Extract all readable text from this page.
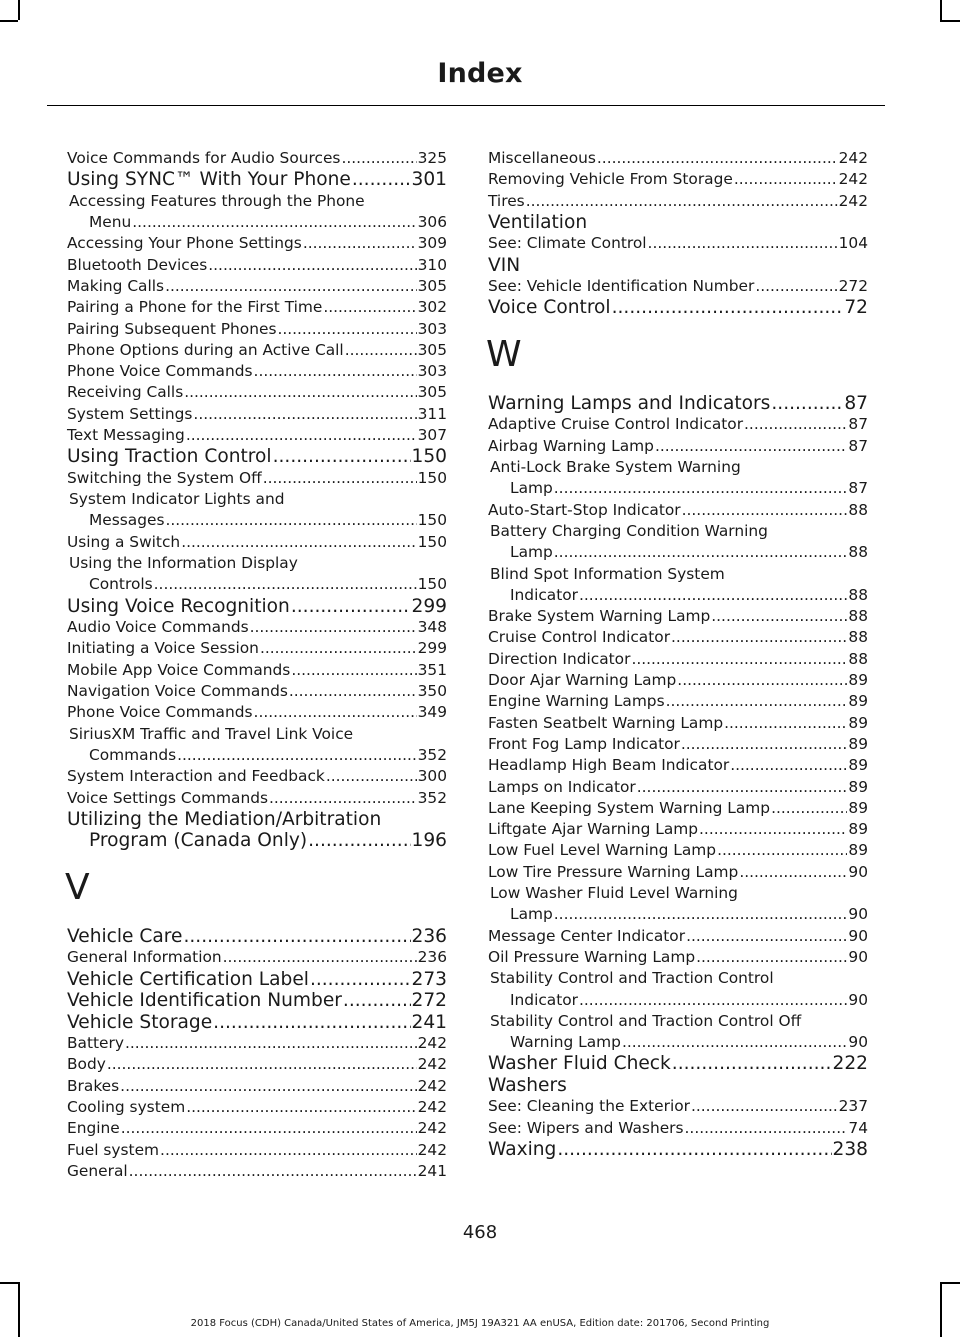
Index
Voice Commands for Audio Sources .....	325
Using SYNC™ With Your Phone .....	301
Accessing Features through the Phone
Menu .....	306
Accessing Your Phone Settings .....	309
Bluetooth Devices .....	310
Making Calls .....	305
Pairing a Phone for the First Time .....	302
Pairing Subsequent Phones .....	303
Phone Options during an Active Call .....	305
Phone Voice Commands .....	303
Receiving Calls .....	305
System Settings .....	311
Text Messaging .....	307
Using Traction Control .....	150
Switching the System Off .....	150
System Indicator Lights and
Messages .....	150
Using a Switch .....	150
Using the Information Display
Controls .....	150
Using Voice Recognition .....	299
Audio Voice Commands .....	348
Initiating a Voice Session .....	299
Mobile App Voice Commands .....	351
Navigation Voice Commands .....	350
Phone Voice Commands .....	349
SiriusXM Traffic and Travel Link Voice
Commands .....	352
System Interaction and Feedback .....	300
Voice Settings Commands .....	352
Utilizing the Mediation/Arbitration
Program (Canada Only) .....	196
V
Vehicle Care .....	236
General Information .....	236
Vehicle Certification Label .....	273
Vehicle Identification Number .....	272
Vehicle Storage .....	241
Battery .....	242
Body .....	242
Brakes .....	242
Cooling system .....	242
Engine .....	242
Fuel system .....	242
General .....	241
Miscellaneous .....	242
Removing Vehicle From Storage .....	242
Tires .....	242
Ventilation
See: Climate Control .....	104
VIN
See: Vehicle Identification Number .....	272
Voice Control .....	72
W
Warning Lamps and Indicators .....	87
Adaptive Cruise Control Indicator .....	87
Airbag Warning Lamp .....	87
Anti-Lock Brake System Warning
Lamp .....	87
Auto-Start-Stop Indicator .....	88
Battery Charging Condition Warning
Lamp .....	88
Blind Spot Information System
Indicator .....	88
Brake System Warning Lamp .....	88
Cruise Control Indicator .....	88
Direction Indicator .....	88
Door Ajar Warning Lamp .....	89
Engine Warning Lamps .....	89
Fasten Seatbelt Warning Lamp .....	89
Front Fog Lamp Indicator .....	89
Headlamp High Beam Indicator .....	89
Lamps on Indicator .....	89
Lane Keeping System Warning Lamp .....	89
Liftgate Ajar Warning Lamp .....	89
Low Fuel Level Warning Lamp .....	89
Low Tire Pressure Warning Lamp .....	90
Low Washer Fluid Level Warning
Lamp .....	90
Message Center Indicator .....	90
Oil Pressure Warning Lamp .....	90
Stability Control and Traction Control
Indicator .....	90
Stability Control and Traction Control Off
Warning Lamp .....	90
Washer Fluid Check .....	222
Washers
See: Cleaning the Exterior .....	237
See: Wipers and Washers .....	74
Waxing .....	238
468
2018 Focus (CDH) Canada/United States of America, JM5J 19A321 AA enUSA, Edition date: 201706, Second Printing
